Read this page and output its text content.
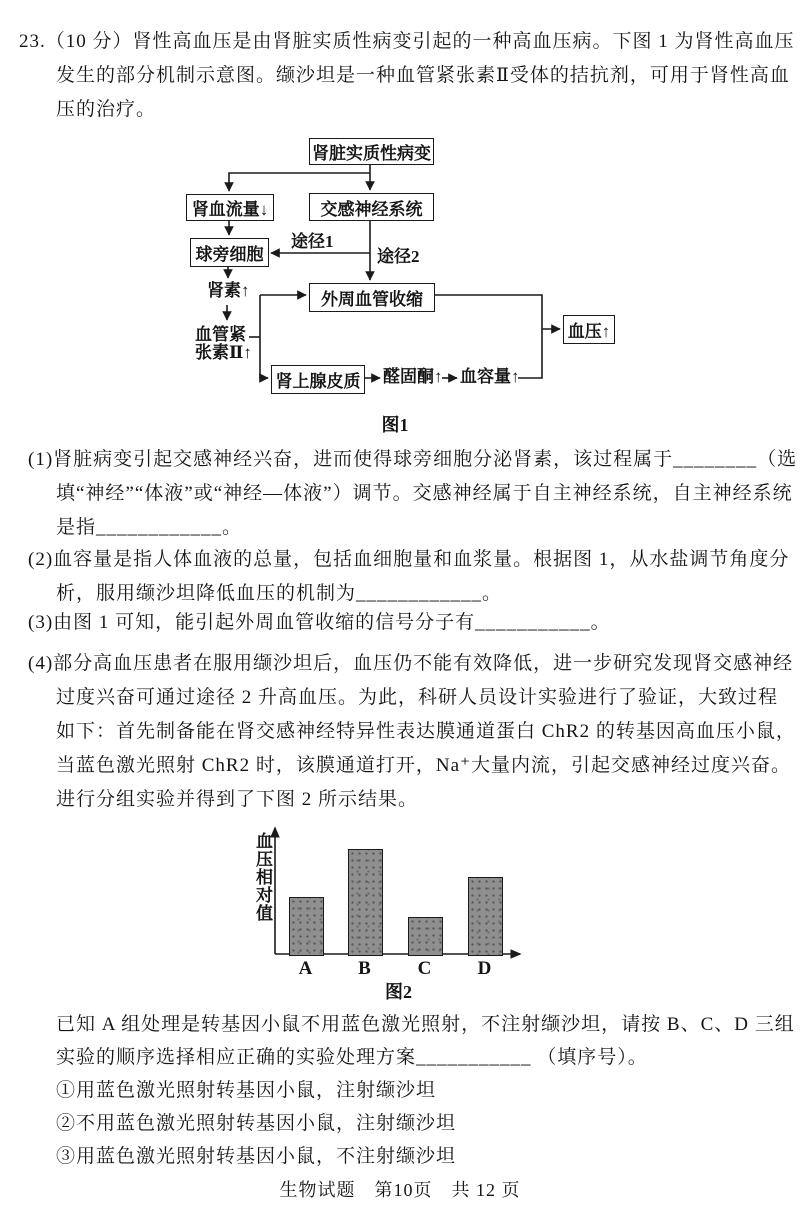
23.（10 分）肾性高血压是由肾脏实质性病变引起的一种高血压病。下图 1 为肾性高血压
发生的部分机制示意图。缬沙坦是一种血管紧张素Ⅱ受体的拮抗剂，可用于肾性高血
压的治疗。
肾脏实质性病变
肾血流量↓	交感神经系统
球旁细胞
外周血管收缩
肾上腺皮质
血压↑
途径1
途径2
肾素↑
血管紧
张素Ⅱ↑
醛固酮↑ 血容量↑
图1
(1)肾脏病变引起交感神经兴奋，进而使得球旁细胞分泌肾素，该过程属于________（选
填“神经”“体液”或“神经—体液”）调节。交感神经属于自主神经系统，自主神经系统
是指____________。
(2)血容量是指人体血液的总量，包括血细胞量和血浆量。根据图 1，从水盐调节角度分
析，服用缬沙坦降低血压的机制为____________。
(3)由图 1 可知，能引起外周血管收缩的信号分子有___________。
(4)部分高血压患者在服用缬沙坦后，血压仍不能有效降低，进一步研究发现肾交感神经
过度兴奋可通过途径 2 升高血压。为此，科研人员设计实验进行了验证，大致过程
如下：首先制备能在肾交感神经特异性表达膜通道蛋白 ChR2 的转基因高血压小鼠，
当蓝色激光照射 ChR2 时，该膜通道打开，Na⁺大量内流，引起交感神经过度兴奋。
进行分组实验并得到了下图 2 所示结果。
血压相对值
A	B	C	D
图2
已知 A 组处理是转基因小鼠不用蓝色激光照射，不注射缬沙坦，请按 B、C、D 三组
实验的顺序选择相应正确的实验处理方案___________ （填序号）。
①用蓝色激光照射转基因小鼠，注射缬沙坦
②不用蓝色激光照射转基因小鼠，注射缬沙坦
③用蓝色激光照射转基因小鼠，不注射缬沙坦
生物试题　第10页　共 12 页
